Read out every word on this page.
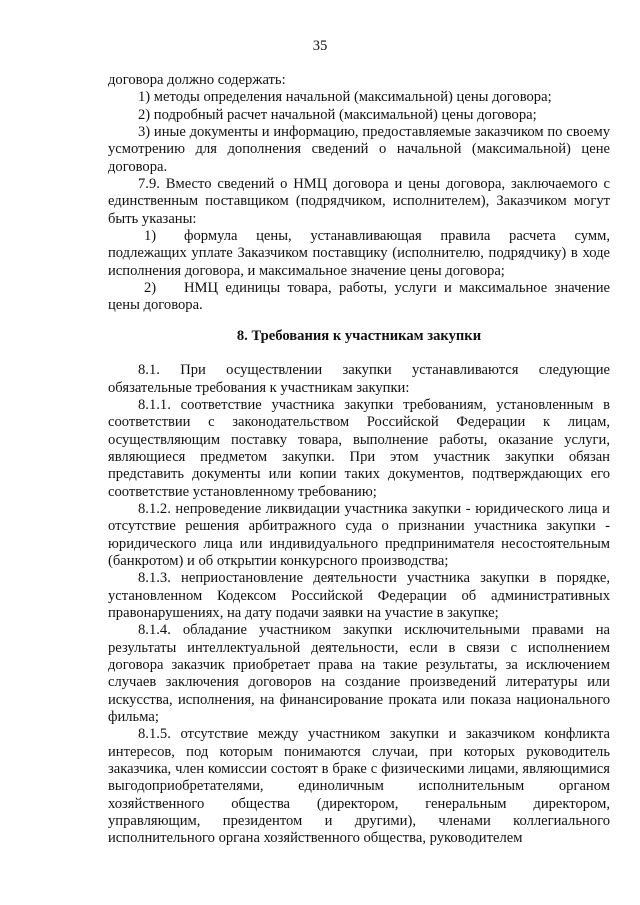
35

договора должно содержать:

1) методы определения начальной (максимальной) цены договора;

2) подробный расчет начальной (максимальной) цены договора;

3) иные документы и информацию, предоставляемые заказчиком по своему усмотрению для дополнения сведений о начальной (максимальной) цене договора.

7.9. Вместо сведений о НМЦ договора и цены договора, заключаемого с единственным поставщиком (подрядчиком, исполнителем), Заказчиком могут быть указаны:

1) формула цены, устанавливающая правила расчета сумм, подлежащих уплате Заказчиком поставщику (исполнителю, подрядчику) в ходе исполнения договора, и максимальное значение цены договора;

2) НМЦ единицы товара, работы, услуги и максимальное значение цены договора.

8. Требования к участникам закупки

8.1. При осуществлении закупки устанавливаются следующие обязательные требования к участникам закупки:

8.1.1. соответствие участника закупки требованиям, установленным в соответствии с законодательством Российской Федерации к лицам, осуществляющим поставку товара, выполнение работы, оказание услуги, являющиеся предметом закупки. При этом участник закупки обязан представить документы или копии таких документов, подтверждающих его соответствие установленному требованию;

8.1.2. непроведение ликвидации участника закупки - юридического лица и отсутствие решения арбитражного суда о признании участника закупки - юридического лица или индивидуального предпринимателя несостоятельным (банкротом) и об открытии конкурсного производства;

8.1.3. неприостановление деятельности участника закупки в порядке, установленном Кодексом Российской Федерации об административных правонарушениях, на дату подачи заявки на участие в закупке;

8.1.4. обладание участником закупки исключительными правами на результаты интеллектуальной деятельности, если в связи с исполнением договора заказчик приобретает права на такие результаты, за исключением случаев заключения договоров на создание произведений литературы или искусства, исполнения, на финансирование проката или показа национального фильма;

8.1.5. отсутствие между участником закупки и заказчиком конфликта интересов, под которым понимаются случаи, при которых руководитель заказчика, член комиссии состоят в браке с физическими лицами, являющимися выгодоприобретателями, единоличным исполнительным органом хозяйственного общества (директором, генеральным директором, управляющим, президентом и другими), членами коллегиального исполнительного органа хозяйственного общества, руководителем
